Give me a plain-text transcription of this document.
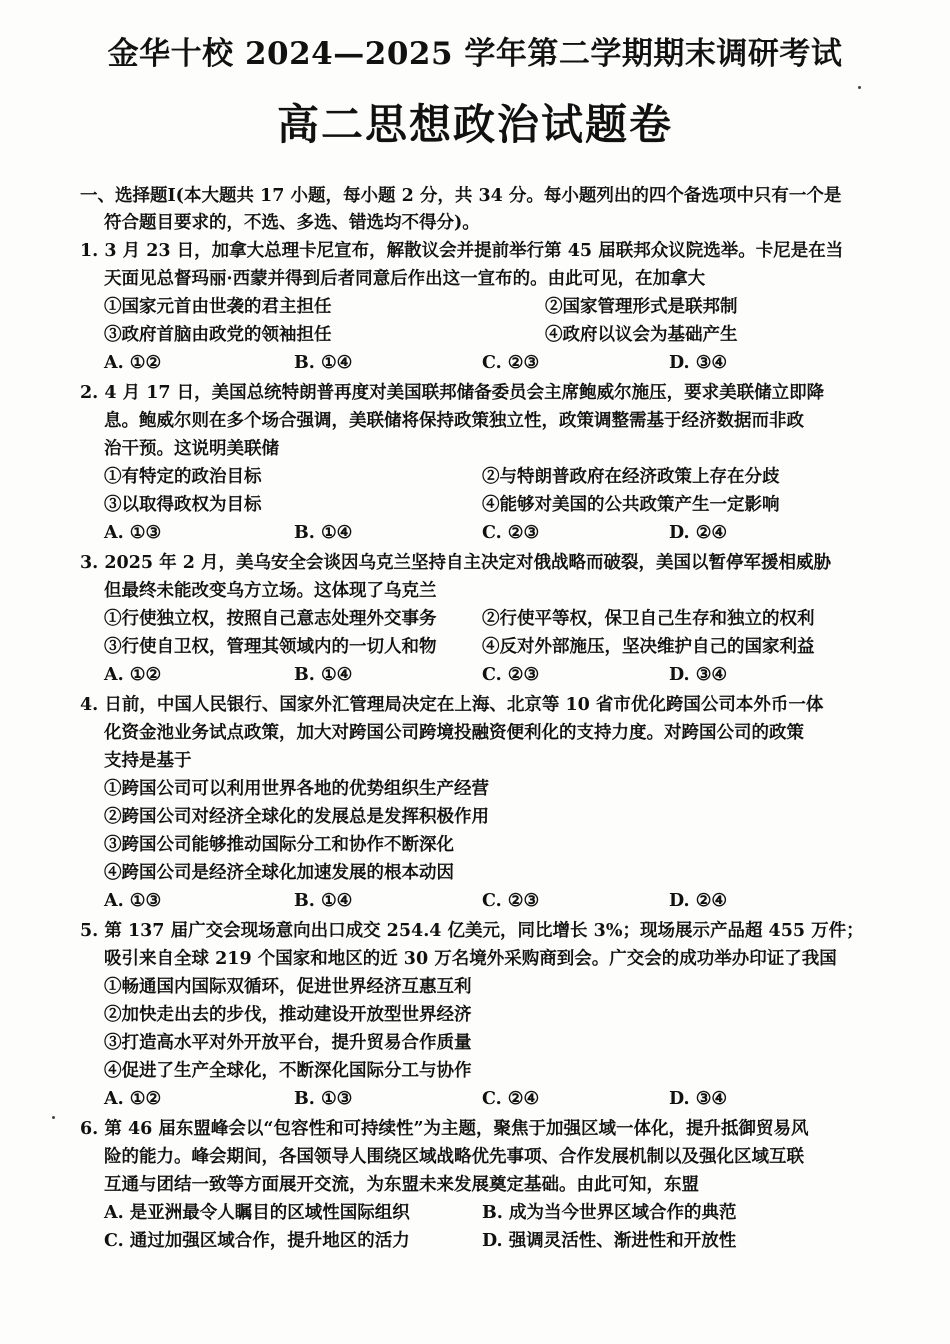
金华十校 2024—2025 学年第二学期期末调研考试
高二思想政治试题卷
一、选择题Ⅰ(本大题共 17 小题，每小题 2 分，共 34 分。每小题列出的四个备选项中只有一个是
符合题目要求的，不选、多选、错选均不得分)。
1. 3 月 23 日，加拿大总理卡尼宣布，解散议会并提前举行第 45 届联邦众议院选举。卡尼是在当
天面见总督玛丽·西蒙并得到后者同意后作出这一宣布的。由此可见，在加拿大
①国家元首由世袭的君主担任	②国家管理形式是联邦制
③政府首脑由政党的领袖担任	④政府以议会为基础产生
A. ①②	B. ①④	C. ②③	D. ③④
2. 4 月 17 日，美国总统特朗普再度对美国联邦储备委员会主席鲍威尔施压，要求美联储立即降
息。鲍威尔则在多个场合强调，美联储将保持政策独立性，政策调整需基于经济数据而非政
治干预。这说明美联储
①有特定的政治目标	②与特朗普政府在经济政策上存在分歧
③以取得政权为目标	④能够对美国的公共政策产生一定影响
A. ①③	B. ①④	C. ②③	D. ②④
3. 2025 年 2 月，美乌安全会谈因乌克兰坚持自主决定对俄战略而破裂，美国以暂停军援相威胁
但最终未能改变乌方立场。这体现了乌克兰
①行使独立权，按照自己意志处理外交事务	②行使平等权，保卫自己生存和独立的权利
③行使自卫权，管理其领域内的一切人和物	④反对外部施压，坚决维护自己的国家利益
A. ①②	B. ①④	C. ②③	D. ③④
4. 日前，中国人民银行、国家外汇管理局决定在上海、北京等 10 省市优化跨国公司本外币一体
化资金池业务试点政策，加大对跨国公司跨境投融资便利化的支持力度。对跨国公司的政策
支持是基于
①跨国公司可以利用世界各地的优势组织生产经营
②跨国公司对经济全球化的发展总是发挥积极作用
③跨国公司能够推动国际分工和协作不断深化
④跨国公司是经济全球化加速发展的根本动因
A. ①③	B. ①④	C. ②③	D. ②④
5. 第 137 届广交会现场意向出口成交 254.4 亿美元，同比增长 3%；现场展示产品超 455 万件；
吸引来自全球 219 个国家和地区的近 30 万名境外采购商到会。广交会的成功举办印证了我国
①畅通国内国际双循环，促进世界经济互惠互利
②加快走出去的步伐，推动建设开放型世界经济
③打造高水平对外开放平台，提升贸易合作质量
④促进了生产全球化，不断深化国际分工与协作
A. ①②	B. ①③	C. ②④	D. ③④
6. 第 46 届东盟峰会以“包容性和可持续性”为主题，聚焦于加强区域一体化，提升抵御贸易风
险的能力。峰会期间，各国领导人围绕区域战略优先事项、合作发展机制以及强化区域互联
互通与团结一致等方面展开交流，为东盟未来发展奠定基础。由此可知，东盟
A. 是亚洲最令人瞩目的区域性国际组织	B. 成为当今世界区域合作的典范
C. 通过加强区域合作，提升地区的活力	D. 强调灵活性、渐进性和开放性
